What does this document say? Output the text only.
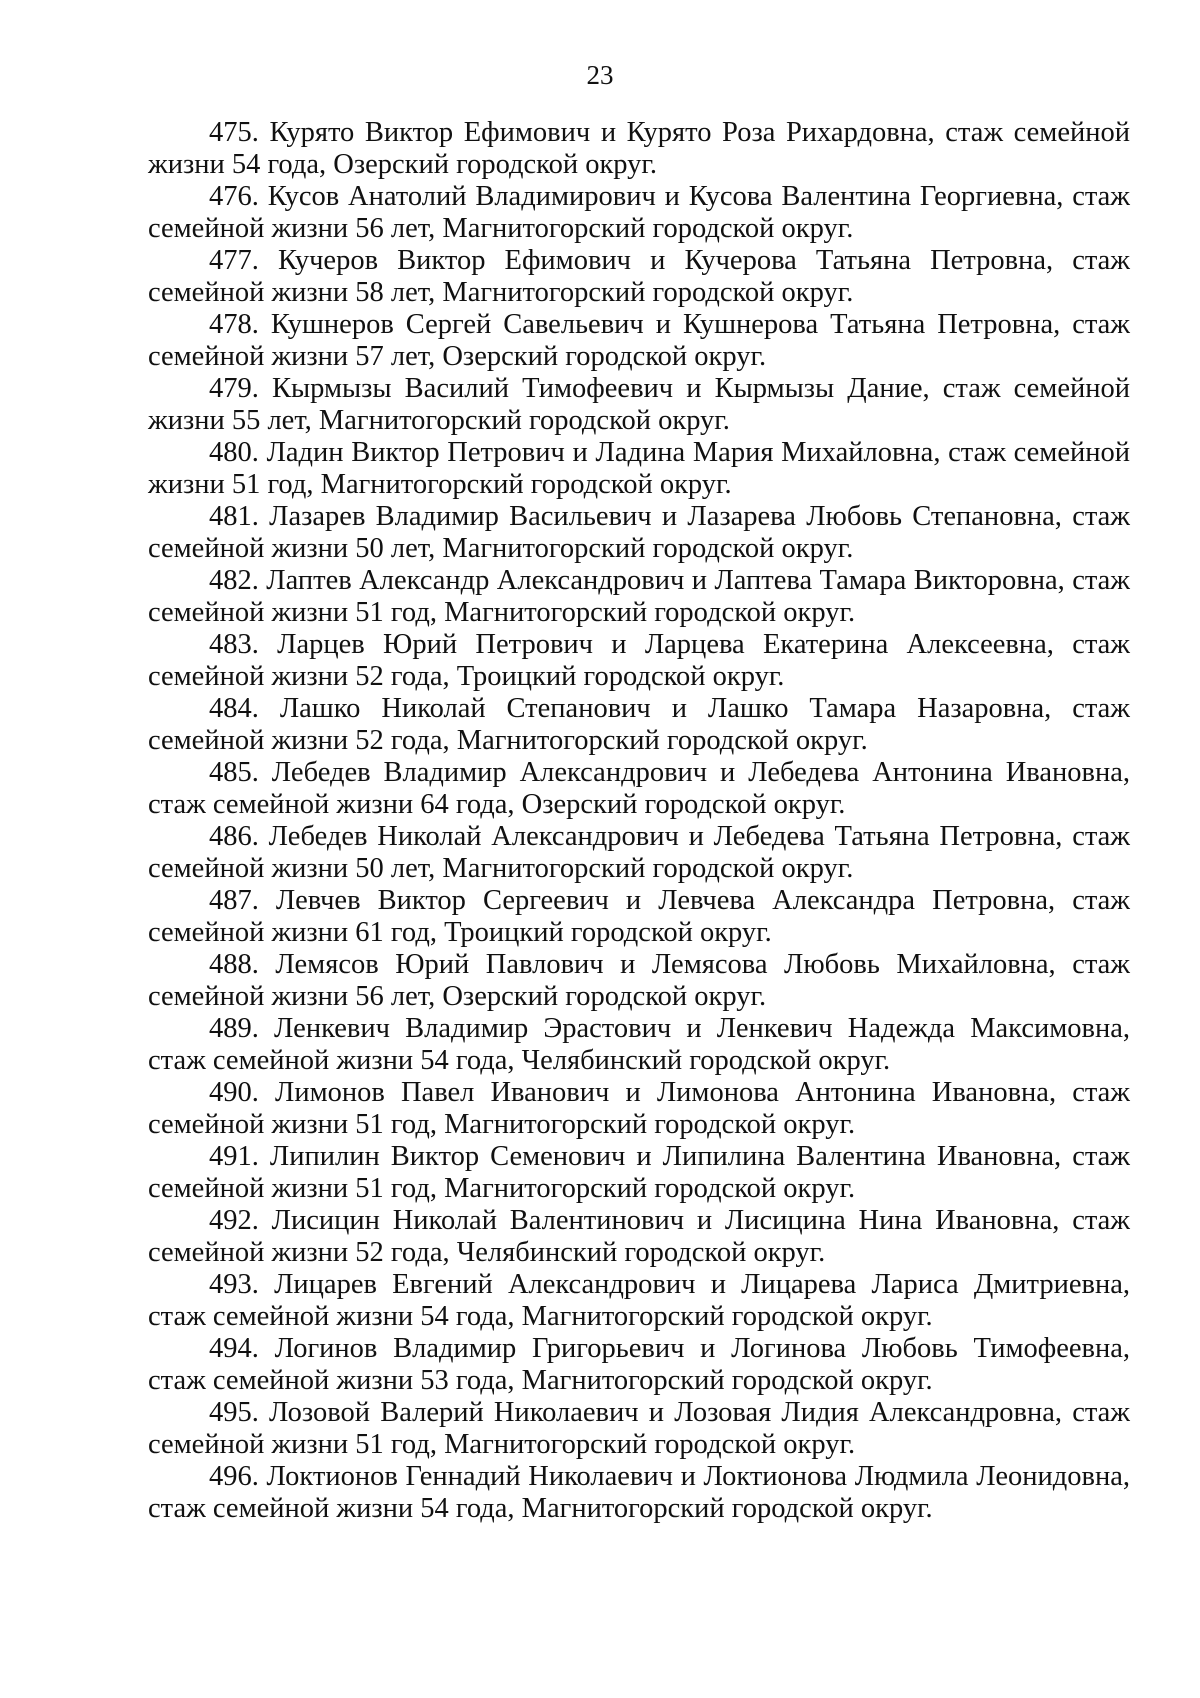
23

475. Курято Виктор Ефимович и Курято Роза Рихардовна, стаж семейной жизни 54 года, Озерский городской округ.

476. Кусов Анатолий Владимирович и Кусова Валентина Георгиевна, стаж семейной жизни 56 лет, Магнитогорский городской округ.

477. Кучеров Виктор Ефимович и Кучерова Татьяна Петровна, стаж семейной жизни 58 лет, Магнитогорский городской округ.

478. Кушнеров Сергей Савельевич и Кушнерова Татьяна Петровна, стаж семейной жизни 57 лет, Озерский городской округ.

479. Кырмызы Василий Тимофеевич и Кырмызы Дание, стаж семейной жизни 55 лет, Магнитогорский городской округ.

480. Ладин Виктор Петрович и Ладина Мария Михайловна, стаж семейной жизни 51 год, Магнитогорский городской округ.

481. Лазарев Владимир Васильевич и Лазарева Любовь Степановна, стаж семейной жизни 50 лет, Магнитогорский городской округ.

482. Лаптев Александр Александрович и Лаптева Тамара Викторовна, стаж семейной жизни 51 год, Магнитогорский городской округ.

483. Ларцев Юрий Петрович и Ларцева Екатерина Алексеевна, стаж семейной жизни 52 года, Троицкий городской округ.

484. Лашко Николай Степанович и Лашко Тамара Назаровна, стаж семейной жизни 52 года, Магнитогорский городской округ.

485. Лебедев Владимир Александрович и Лебедева Антонина Ивановна, стаж семейной жизни 64 года, Озерский городской округ.

486. Лебедев Николай Александрович и Лебедева Татьяна Петровна, стаж семейной жизни 50 лет, Магнитогорский городской округ.

487. Левчев Виктор Сергеевич и Левчева Александра Петровна, стаж семейной жизни 61 год, Троицкий городской округ.

488. Лемясов Юрий Павлович и Лемясова Любовь Михайловна, стаж семейной жизни 56 лет, Озерский городской округ.

489. Ленкевич Владимир Эрастович и Ленкевич Надежда Максимовна, стаж семейной жизни 54 года, Челябинский городской округ.

490. Лимонов Павел Иванович и Лимонова Антонина Ивановна, стаж семейной жизни 51 год, Магнитогорский городской округ.

491. Липилин Виктор Семенович и Липилина Валентина Ивановна, стаж семейной жизни 51 год, Магнитогорский городской округ.

492. Лисицин Николай Валентинович и Лисицина Нина Ивановна, стаж семейной жизни 52 года, Челябинский городской округ.

493. Лицарев Евгений Александрович и Лицарева Лариса Дмитриевна, стаж семейной жизни 54 года, Магнитогорский городской округ.

494. Логинов Владимир Григорьевич и Логинова Любовь Тимофеевна, стаж семейной жизни 53 года, Магнитогорский городской округ.

495. Лозовой Валерий Николаевич и Лозовая Лидия Александровна, стаж семейной жизни 51 год, Магнитогорский городской округ.

496. Локтионов Геннадий Николаевич и Локтионова Людмила Леонидовна, стаж семейной жизни 54 года, Магнитогорский городской округ.
